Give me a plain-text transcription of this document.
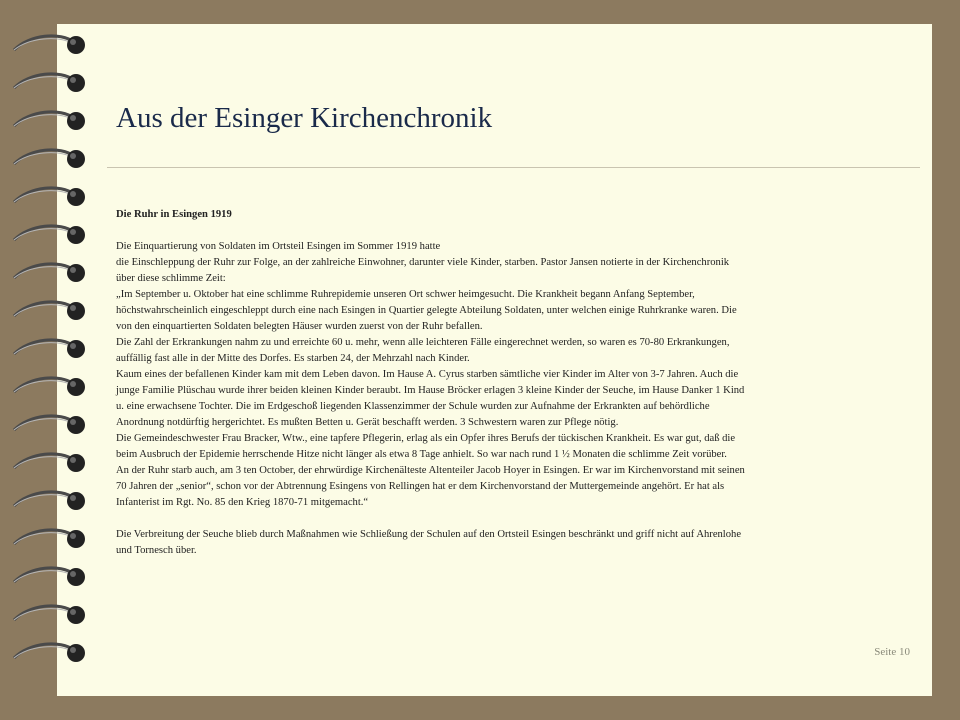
Aus der Esinger Kirchenchronik

Die Ruhr in Esingen 1919

Die Einquartierung von Soldaten im Ortsteil Esingen im Sommer 1919 hatte

die Einschleppung der Ruhr zur Folge, an der zahlreiche Einwohner, darunter viele Kinder, starben. Pastor Jansen notierte in der Kirchenchronik

über diese schlimme Zeit:

„Im September u. Oktober hat eine schlimme Ruhrepidemie unseren Ort schwer heimgesucht. Die Krankheit begann Anfang September,

höchstwahrscheinlich eingeschleppt durch eine nach Esingen in Quartier gelegte Abteilung Soldaten, unter welchen einige Ruhrkranke waren. Die

von den einquartierten Soldaten belegten Häuser wurden zuerst von der Ruhr befallen.

Die Zahl der Erkrankungen nahm zu und erreichte 60 u. mehr, wenn alle leichteren Fälle eingerechnet werden, so waren es 70-80 Erkrankungen,

auffällig fast alle in der Mitte des Dorfes. Es starben 24, der Mehrzahl nach Kinder.

Kaum eines der befallenen Kinder kam mit dem Leben davon. Im Hause A. Cyrus starben sämtliche vier Kinder im Alter von 3-7 Jahren. Auch die

junge Familie Plüschau wurde ihrer beiden kleinen Kinder beraubt. Im Hause Bröcker erlagen 3 kleine Kinder der Seuche, im Hause Danker 1 Kind

u. eine erwachsene Tochter. Die im Erdgeschoß liegenden Klassenzimmer der Schule wurden zur Aufnahme der Erkrankten auf behördliche

Anordnung notdürftig hergerichtet. Es mußten Betten u. Gerät beschafft werden. 3 Schwestern waren zur Pflege nötig.

Die Gemeindeschwester Frau Bracker, Wtw., eine tapfere Pflegerin, erlag als ein Opfer ihres Berufs der tückischen Krankheit. Es war gut, daß die

beim Ausbruch der Epidemie herrschende Hitze nicht länger als etwa 8 Tage anhielt. So war nach rund 1 ½ Monaten die schlimme Zeit vorüber.

An der Ruhr starb auch, am 3 ten October, der ehrwürdige Kirchenälteste Altenteiler Jacob Hoyer in Esingen. Er war im Kirchenvorstand mit seinen

70 Jahren der „senior“, schon vor der Abtrennung Esingens von Rellingen hat er dem Kirchenvorstand der Muttergemeinde angehört. Er hat als

Infanterist im Rgt. No. 85 den Krieg 1870-71 mitgemacht.“

Die Verbreitung der Seuche blieb durch Maßnahmen wie Schließung der Schulen auf den Ortsteil Esingen beschränkt und griff nicht auf Ahrenlohe

und Tornesch über.

Seite 10
